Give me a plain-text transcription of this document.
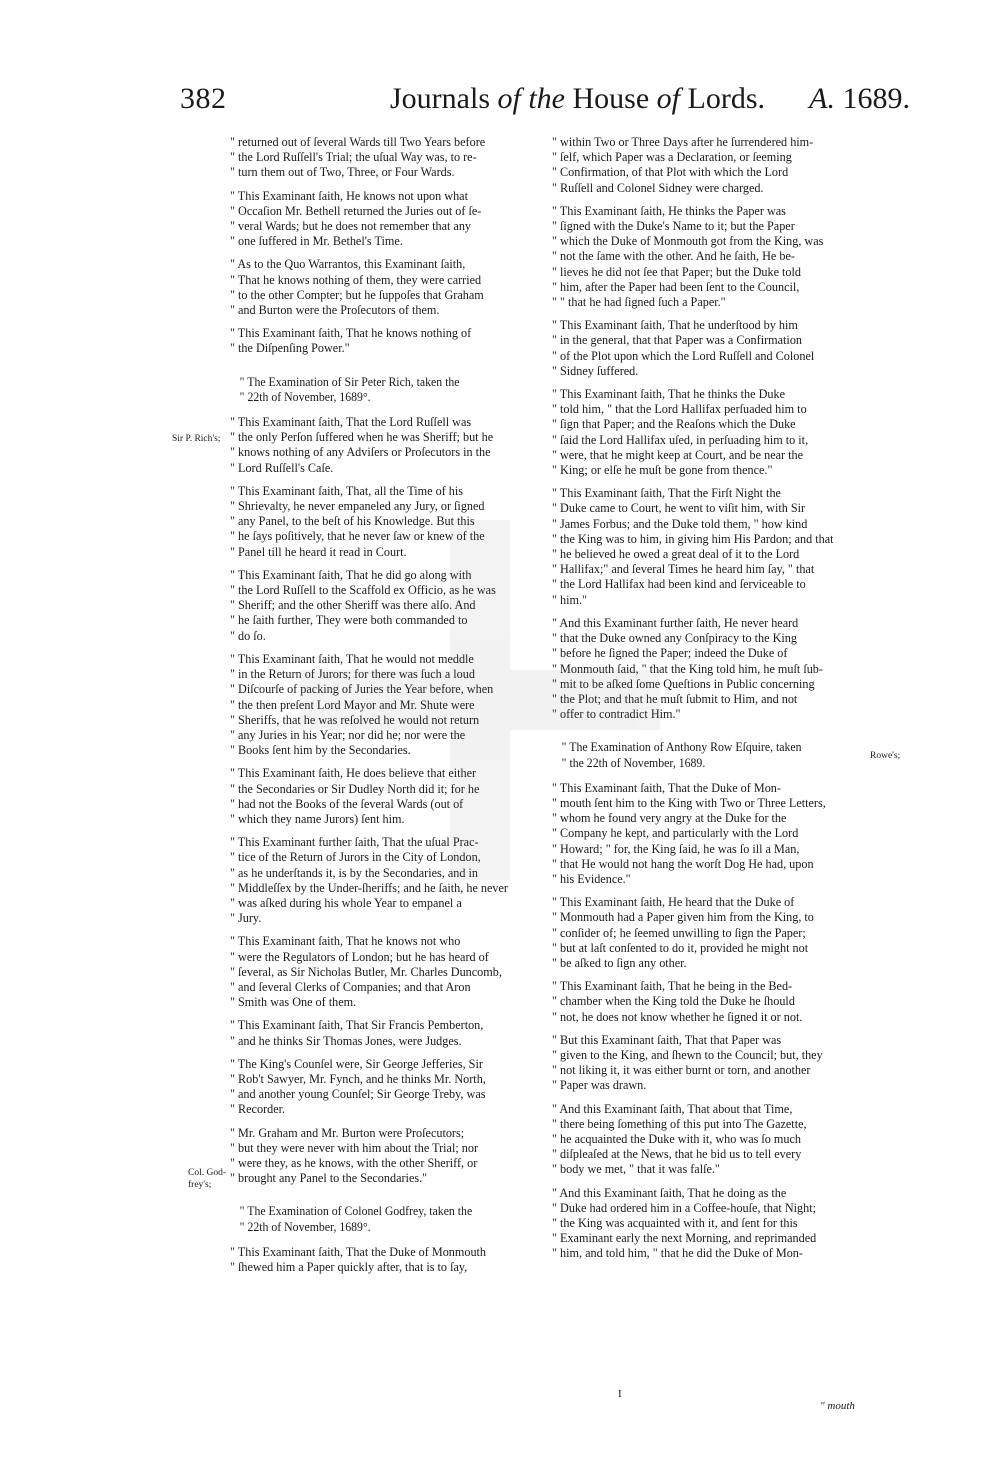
382	Journals of the House of Lords. A. 1689.
" returned out of ſeveral Wards till Two Years before
" the Lord Ruſſell's Trial; the uſual Way was, to re-
" turn them out of Two, Three, or Four Wards.
" This Examinant ſaith, He knows not upon what
" Occaſion Mr. Bethell returned the Juries out of ſe-
" veral Wards; but he does not remember that any
" one ſuffered in Mr. Bethel's Time.
" As to the Quo Warrantos, this Examinant ſaith,
" That he knows nothing of them, they were carried
" to the other Compter; but he ſuppoſes that Graham
" and Burton were the Proſecutors of them.
" This Examinant ſaith, That he knows nothing of
" the Diſpenſing Power."
" The Examination of Sir Peter Rich, taken the
" 22th of November, 1689°.
" This Examinant ſaith, That the Lord Ruſſell was
" the only Perſon ſuffered when he was Sheriff; but he
" knows nothing of any Adviſers or Proſecutors in the
" Lord Ruſſell's Caſe.
" This Examinant ſaith, That, all the Time of his
" Shrievalty, he never empaneled any Jury, or ſigned
" any Panel, to the beſt of his Knowledge. But this
" he ſays poſitively, that he never ſaw or knew of the
" Panel till he heard it read in Court.
" This Examinant ſaith, That he did go along with
" the Lord Ruſſell to the Scaffold ex Officio, as he was
" Sheriff; and the other Sheriff was there alſo. And
" he ſaith further, They were both commanded to
" do ſo.
" This Examinant ſaith, That he would not meddle
" in the Return of Jurors; for there was ſuch a loud
" Diſcourſe of packing of Juries the Year before, when
" the then preſent Lord Mayor and Mr. Shute were
" Sheriffs, that he was reſolved he would not return
" any Juries in his Year; nor did he; nor were the
" Books ſent him by the Secondaries.
" This Examinant ſaith, He does believe that either
" the Secondaries or Sir Dudley North did it; for he
" had not the Books of the ſeveral Wards (out of
" which they name Jurors) ſent him.
" This Examinant further ſaith, That the uſual Prac-
" tice of the Return of Jurors in the City of London,
" as he underſtands it, is by the Secondaries, and in
" Middleſſex by the Under-ſheriffs; and he ſaith, he never
" was aſked during his whole Year to empanel a
" Jury.
" This Examinant ſaith, That he knows not who
" were the Regulators of London; but he has heard of
" ſeveral, as Sir Nicholas Butler, Mr. Charles Duncomb,
" and ſeveral Clerks of Companies; and that Aron
" Smith was One of them.
" This Examinant ſaith, That Sir Francis Pemberton,
" and he thinks Sir Thomas Jones, were Judges.
" The King's Counſel were, Sir George Jefferies, Sir
" Rob't Sawyer, Mr. Fynch, and he thinks Mr. North,
" and another young Counſel; Sir George Treby, was
" Recorder.
" Mr. Graham and Mr. Burton were Proſecutors;
" but they were never with him about the Trial; nor
" were they, as he knows, with the other Sheriff, or
" brought any Panel to the Secondaries."
" The Examination of Colonel Godfrey, taken the
" 22th of November, 1689°.
" This Examinant ſaith, That the Duke of Monmouth
" ſhewed him a Paper quickly after, that is to ſay,
" within Two or Three Days after he ſurrendered him-
" ſelf, which Paper was a Declaration, or ſeeming
" Confirmation, of that Plot with which the Lord
" Ruſſell and Colonel Sidney were charged.
" This Examinant ſaith, He thinks the Paper was
" ſigned with the Duke's Name to it; but the Paper
" which the Duke of Monmouth got from the King, was
" not the ſame with the other. And he ſaith, He be-
" lieves he did not ſee that Paper; but the Duke told
" him, after the Paper had been ſent to the Council,
" " that he had ſigned ſuch a Paper."
" This Examinant ſaith, That he underſtood by him
" in the general, that that Paper was a Confirmation
" of the Plot upon which the Lord Ruſſell and Colonel
" Sidney ſuffered.
" This Examinant ſaith, That he thinks the Duke
" told him, " that the Lord Hallifax perſuaded him to
" ſign that Paper; and the Reaſons which the Duke
" ſaid the Lord Hallifax uſed, in perſuading him to it,
" were, that he might keep at Court, and be near the
" King; or elſe he muſt be gone from thence."
" This Examinant ſaith, That the Firſt Night the
" Duke came to Court, he went to viſit him, with Sir
" James Forbus; and the Duke told them, " how kind
" the King was to him, in giving him His Pardon; and that
" he believed he owed a great deal of it to the Lord
" Hallifax;" and ſeveral Times he heard him ſay, " that
" the Lord Hallifax had been kind and ſerviceable to
" him."
" And this Examinant further ſaith, He never heard
" that the Duke owned any Conſpiracy to the King
" before he ſigned the Paper; indeed the Duke of
" Monmouth ſaid, " that the King told him, he muſt ſub-
" mit to be aſked ſome Queſtions in Public concerning
" the Plot; and that he muſt ſubmit to Him, and not
" offer to contradict Him."
" The Examination of Anthony Row Eſquire, taken
" the 22th of November, 1689.
" This Examinant ſaith, That the Duke of Mon-
" mouth ſent him to the King with Two or Three Letters,
" whom he found very angry at the Duke for the
" Company he kept, and particularly with the Lord
" Howard; " for, the King ſaid, he was ſo ill a Man,
" that He would not hang the worſt Dog He had, upon
" his Evidence."
" This Examinant ſaith, He heard that the Duke of
" Monmouth had a Paper given him from the King, to
" conſider of; he ſeemed unwilling to ſign the Paper;
" but at laſt conſented to do it, provided he might not
" be aſked to ſign any other.
" This Examinant ſaith, That he being in the Bed-
" chamber when the King told the Duke he ſhould
" not, he does not know whether he ſigned it or not.
" But this Examinant ſaith, That that Paper was
" given to the King, and ſhewn to the Council; but, they
" not liking it, it was either burnt or torn, and another
" Paper was drawn.
" And this Examinant ſaith, That about that Time,
" there being ſomething of this put into The Gazette,
" he acquainted the Duke with it, who was ſo much
" diſpleaſed at the News, that he bid us to tell every
" body we met, " that it was falſe."
" And this Examinant ſaith, That he doing as the
" Duke had ordered him in a Coffee-houſe, that Night;
" the King was acquainted with it, and ſent for this
" Examinant early the next Morning, and reprimanded
" him, and told him, " that he did the Duke of Mon-
Sir P. Rich's;
Col. God-
frey's;
Rowe's;
I
" mouth
